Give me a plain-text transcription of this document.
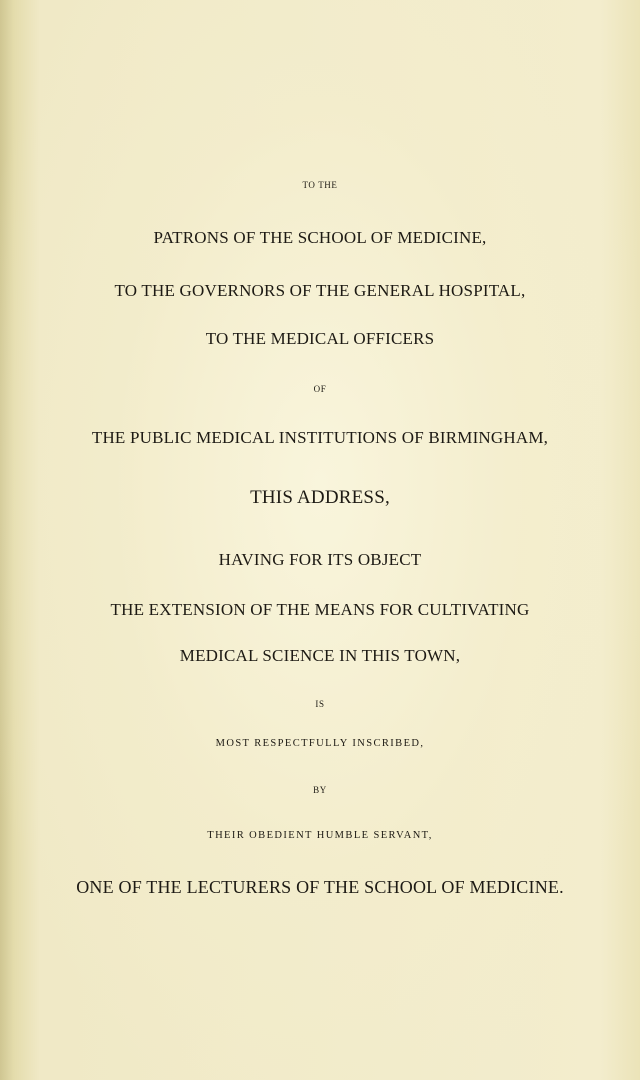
TO THE
PATRONS OF THE SCHOOL OF MEDICINE,
TO THE GOVERNORS OF THE GENERAL HOSPITAL,
TO THE MEDICAL OFFICERS
OF
THE PUBLIC MEDICAL INSTITUTIONS OF BIRMINGHAM,
THIS ADDRESS,
HAVING FOR ITS OBJECT
THE EXTENSION OF THE MEANS FOR CULTIVATING
MEDICAL SCIENCE IN THIS TOWN,
IS
MOST RESPECTFULLY INSCRIBED,
BY
THEIR OBEDIENT HUMBLE SERVANT,
ONE OF THE LECTURERS OF THE SCHOOL OF MEDICINE.
